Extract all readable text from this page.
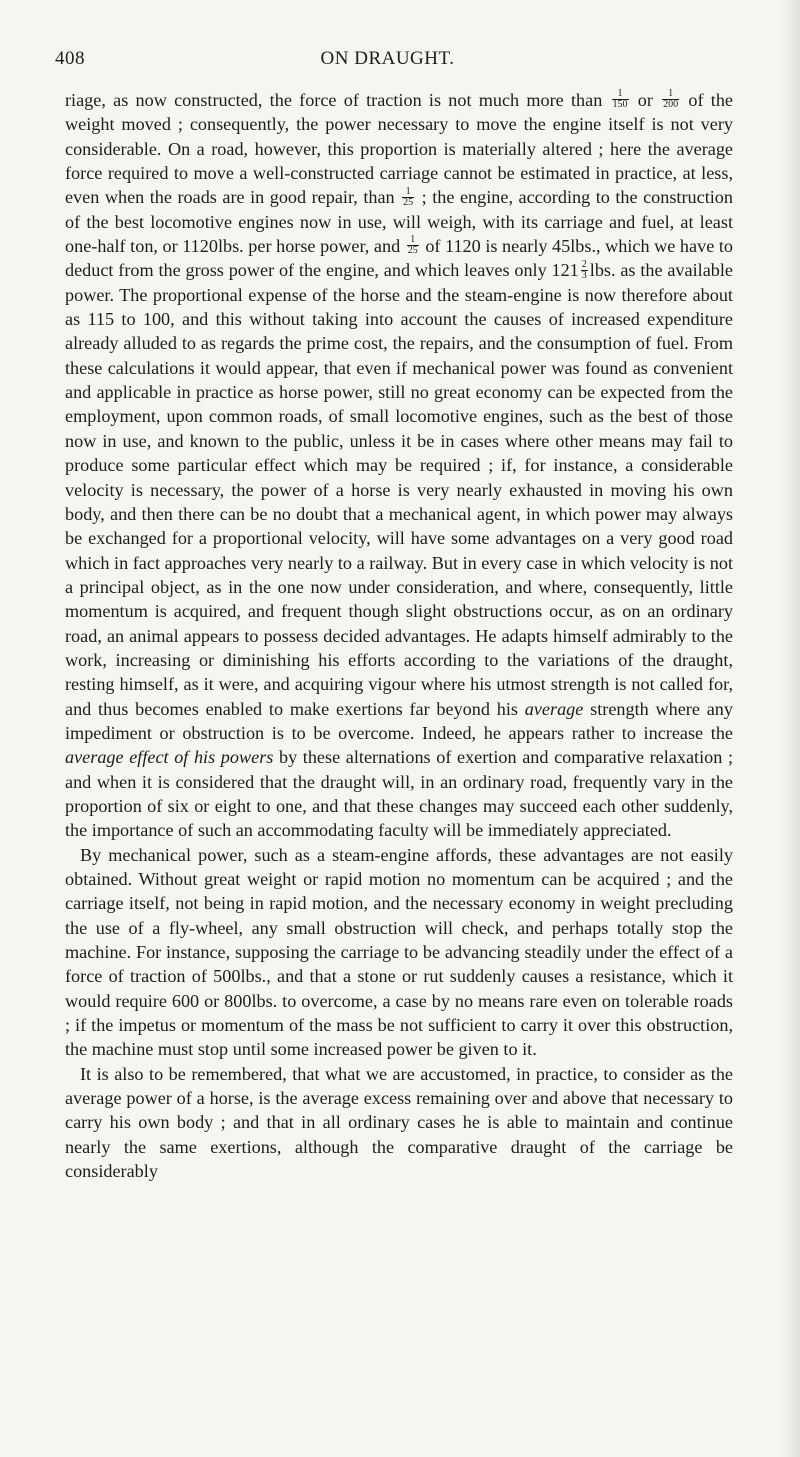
408	ON DRAUGHT.

riage, as now constructed, the force of traction is not much more than $\frac{1}{150}$ or $\frac{1}{200}$ of the weight moved ; consequently, the power necessary to move the engine itself is not very considerable. On a road, however, this proportion is materially altered ; here the average force required to move a well-constructed carriage cannot be estimated in practice, at less, even when the roads are in good repair, than $\frac{1}{25}$ ; the engine, according to the construction of the best locomotive engines now in use, will weigh, with its carriage and fuel, at least one-half ton, or 1120lbs. per horse power, and $\frac{1}{25}$ of 1120 is nearly 45lbs., which we have to deduct from the gross power of the engine, and which leaves only $121 \frac{2}{3}$ lbs. as the available power. The proportional expense of the horse and the steam-engine is now therefore about as 115 to 100, and this without taking into account the causes of increased expenditure already alluded to as regards the prime cost, the repairs, and the consumption of fuel. From these calculations it would appear, that even if mechanical power was found as convenient and applicable in practice as horse power, still no great economy can be expected from the employment, upon common roads, of small locomotive engines, such as the best of those now in use, and known to the public, unless it be in cases where other means may fail to produce some particular effect which may be required ; if, for instance, a considerable velocity is necessary, the power of a horse is very nearly exhausted in moving his own body, and then there can be no doubt that a mechanical agent, in which power may always be exchanged for a proportional velocity, will have some advantages on a very good road which in fact approaches very nearly to a railway. But in every case in which velocity is not a principal object, as in the one now under consideration, and where, consequently, little momentum is acquired, and frequent though slight obstructions occur, as on an ordinary road, an animal appears to possess decided advantages. He adapts himself admirably to the work, increasing or diminishing his efforts according to the variations of the draught, resting himself, as it were, and acquiring vigour where his utmost strength is not called for, and thus becomes enabled to make exertions far beyond his average strength where any impediment or obstruction is to be overcome. Indeed, he appears rather to increase the average effect of his powers by these alternations of exertion and comparative relaxation ; and when it is considered that the draught will, in an ordinary road, frequently vary in the proportion of six or eight to one, and that these changes may succeed each other suddenly, the importance of such an accommodating faculty will be immediately appreciated.

By mechanical power, such as a steam-engine affords, these advantages are not easily obtained. Without great weight or rapid motion no momentum can be acquired ; and the carriage itself, not being in rapid motion, and the necessary economy in weight precluding the use of a fly-wheel, any small obstruction will check, and perhaps totally stop the machine. For instance, supposing the carriage to be advancing steadily under the effect of a force of traction of 500lbs., and that a stone or rut suddenly causes a resistance, which it would require 600 or 800lbs. to overcome, a case by no means rare even on tolerable roads ; if the impetus or momentum of the mass be not sufficient to carry it over this obstruction, the machine must stop until some increased power be given to it.

It is also to be remembered, that what we are accustomed, in practice, to consider as the average power of a horse, is the average excess remaining over and above that necessary to carry his own body ; and that in all ordinary cases he is able to maintain and continue nearly the same exertions, although the comparative draught of the carriage be considerably
